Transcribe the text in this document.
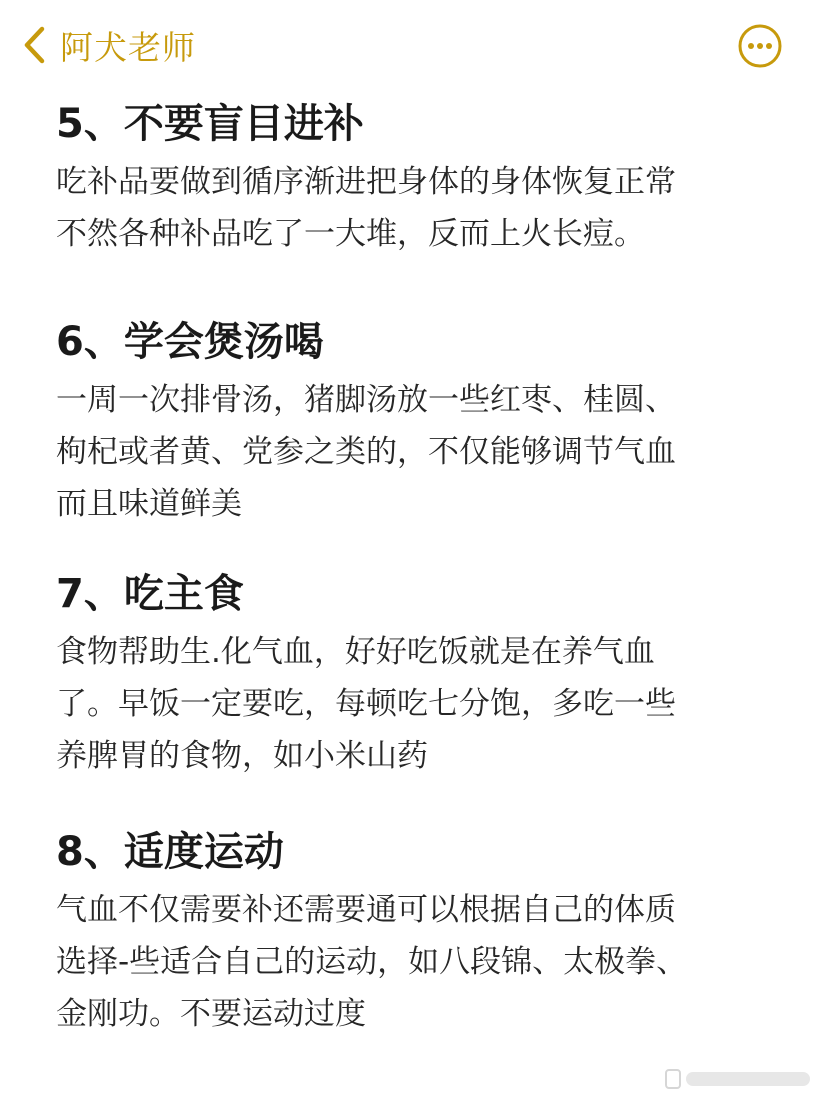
阿犬老师
5、不要盲目进补
吃补品要做到循序渐进把身体的身体恢复正常
不然各种补品吃了一大堆，反而上火长痘。
6、学会煲汤喝
一周一次排骨汤，猪脚汤放一些红枣、桂圆、
枸杞或者黄、党参之类的，不仅能够调节气血
而且味道鲜美
7、吃主食
食物帮助生.化气血，好好吃饭就是在养气血
了。早饭一定要吃，每顿吃七分饱，多吃一些
养脾胃的食物，如小米山药
8、适度运动
气血不仅需要补还需要通可以根据自己的体质
选择-些适合自己的运动，如八段锦、太极拳、
金刚功。不要运动过度
